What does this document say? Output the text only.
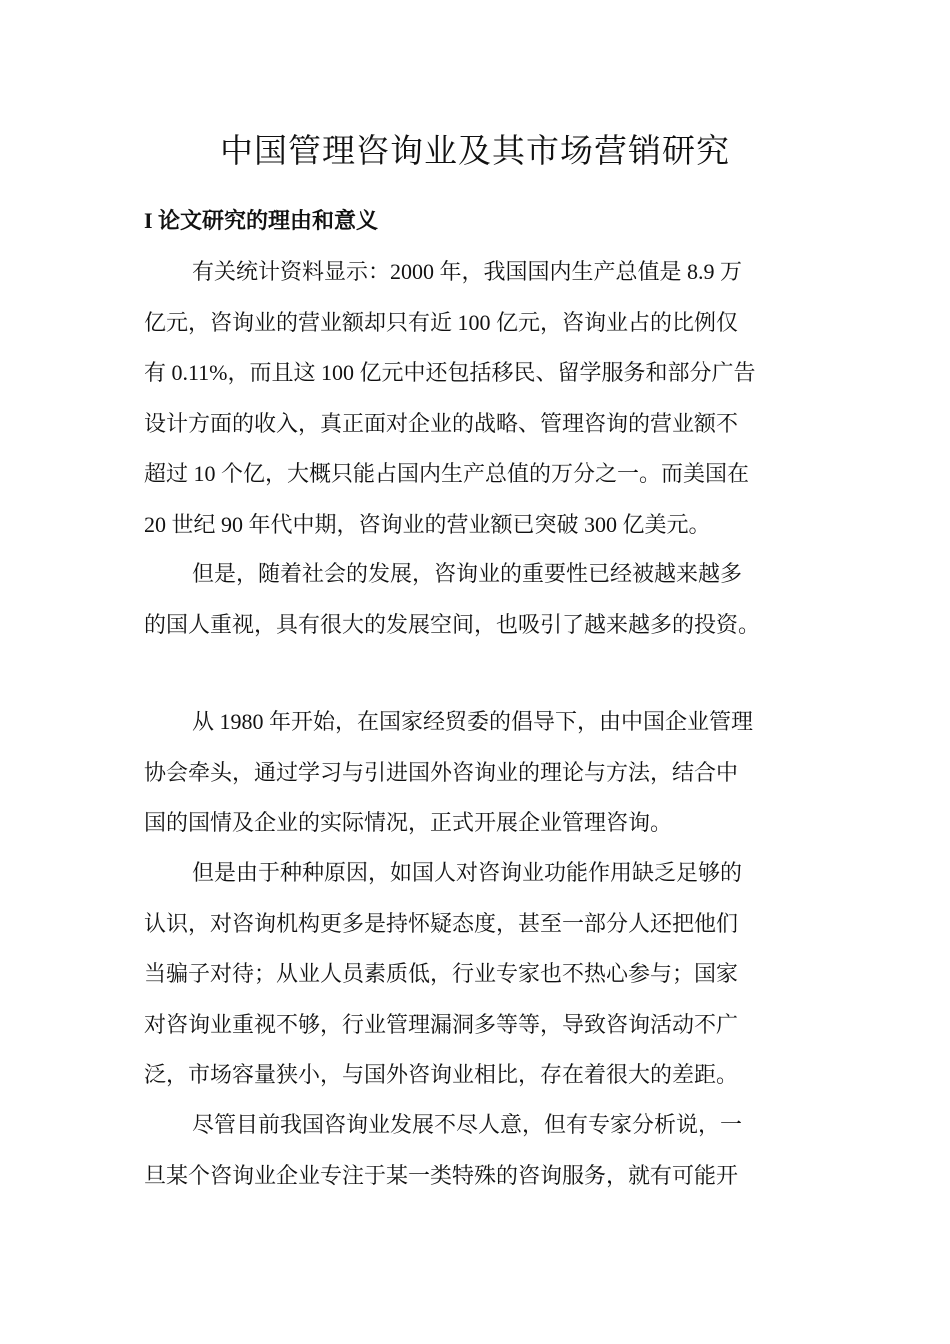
中国管理咨询业及其市场营销研究
I 论文研究的理由和意义
有关统计资料显示：2000 年，我国国内生产总值是 8.9 万
亿元，咨询业的营业额却只有近 100 亿元，咨询业占的比例仅
有 0.11%，而且这 100 亿元中还包括移民、留学服务和部分广告
设计方面的收入，真正面对企业的战略、管理咨询的营业额不
超过 10 个亿，大概只能占国内生产总值的万分之一。而美国在
20 世纪 90 年代中期，咨询业的营业额已突破 300 亿美元。
但是，随着社会的发展，咨询业的重要性已经被越来越多
的国人重视，具有很大的发展空间，也吸引了越来越多的投资。
从 1980 年开始，在国家经贸委的倡导下，由中国企业管理
协会牵头，通过学习与引进国外咨询业的理论与方法，结合中
国的国情及企业的实际情况，正式开展企业管理咨询。
但是由于种种原因，如国人对咨询业功能作用缺乏足够的
认识，对咨询机构更多是持怀疑态度，甚至一部分人还把他们
当骗子对待；从业人员素质低，行业专家也不热心参与；国家
对咨询业重视不够，行业管理漏洞多等等，导致咨询活动不广
泛，市场容量狭小，与国外咨询业相比，存在着很大的差距。
尽管目前我国咨询业发展不尽人意，但有专家分析说，一
旦某个咨询业企业专注于某一类特殊的咨询服务，就有可能开
